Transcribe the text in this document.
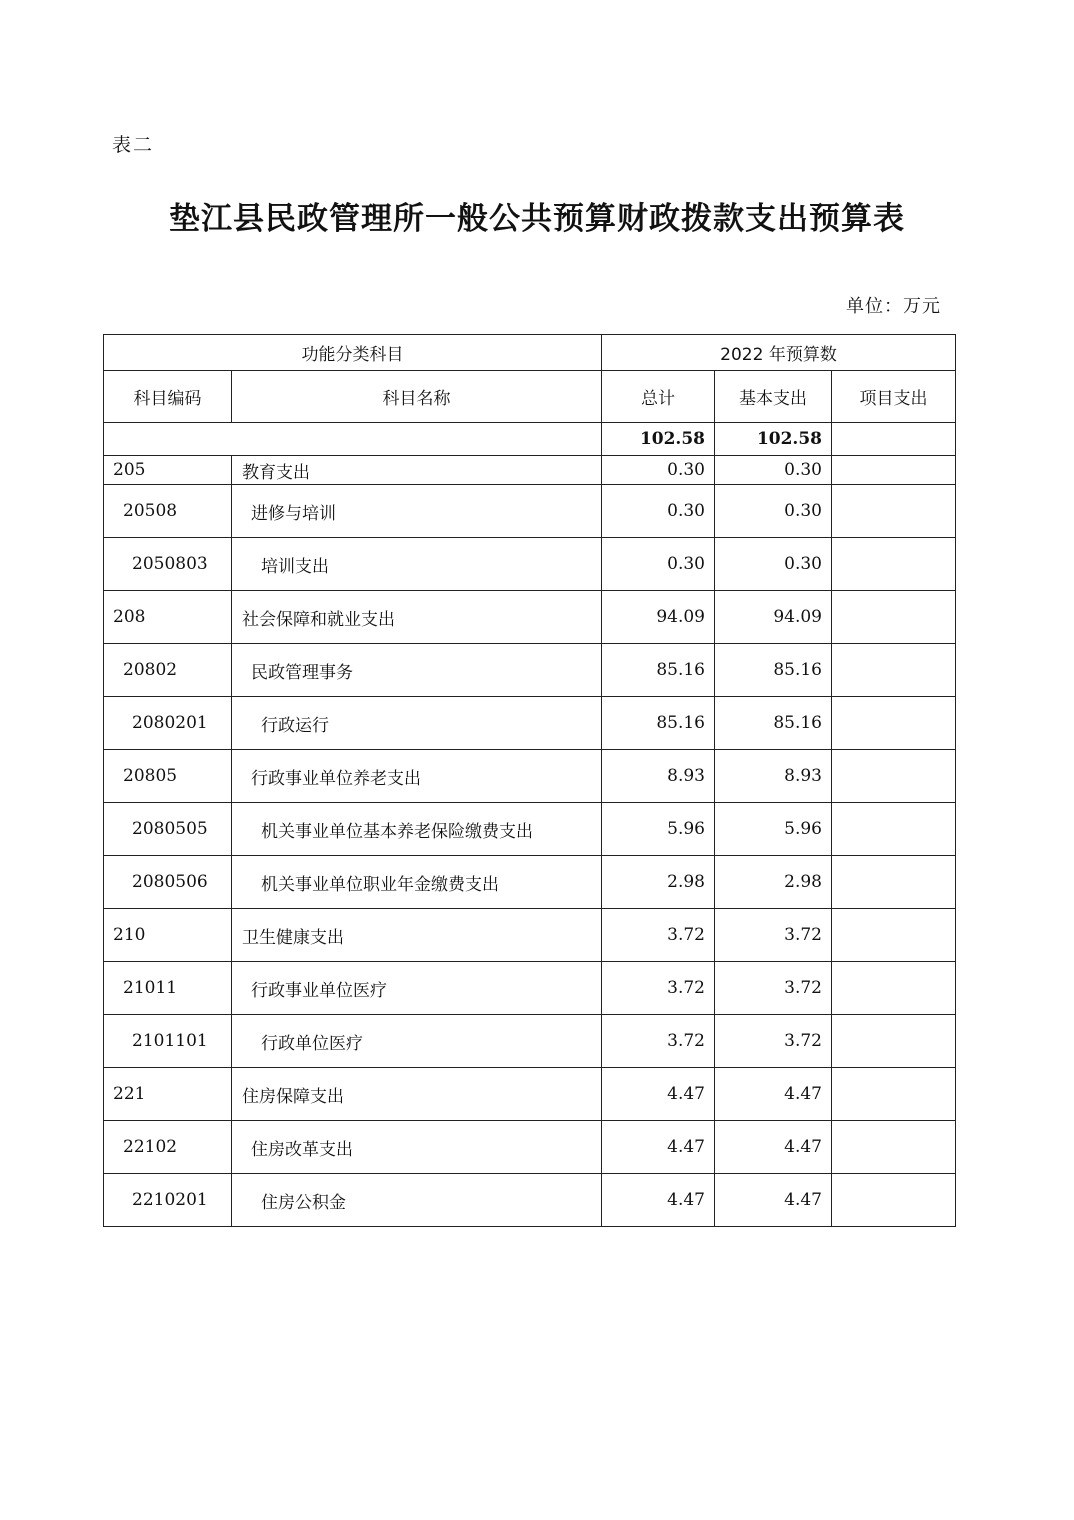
表二
垫江县民政管理所一般公共预算财政拨款支出预算表
单位：万元
功能分类科目		2022 年预算数		
科目编码	科目名称	总计	基本支出	项目支出
		102.58	102.58	
205	教育支出	0.30	0.30	
20508	进修与培训	0.30	0.30	
2050803	培训支出	0.30	0.30	
208	社会保障和就业支出	94.09	94.09	
20802	民政管理事务	85.16	85.16	
2080201	行政运行	85.16	85.16	
20805	行政事业单位养老支出	8.93	8.93	
2080505	机关事业单位基本养老保险缴费支出	5.96	5.96	
2080506	机关事业单位职业年金缴费支出	2.98	2.98	
210	卫生健康支出	3.72	3.72	
21011	行政事业单位医疗	3.72	3.72	
2101101	行政单位医疗	3.72	3.72	
221	住房保障支出	4.47	4.47	
22102	住房改革支出	4.47	4.47	
2210201	住房公积金	4.47	4.47	
